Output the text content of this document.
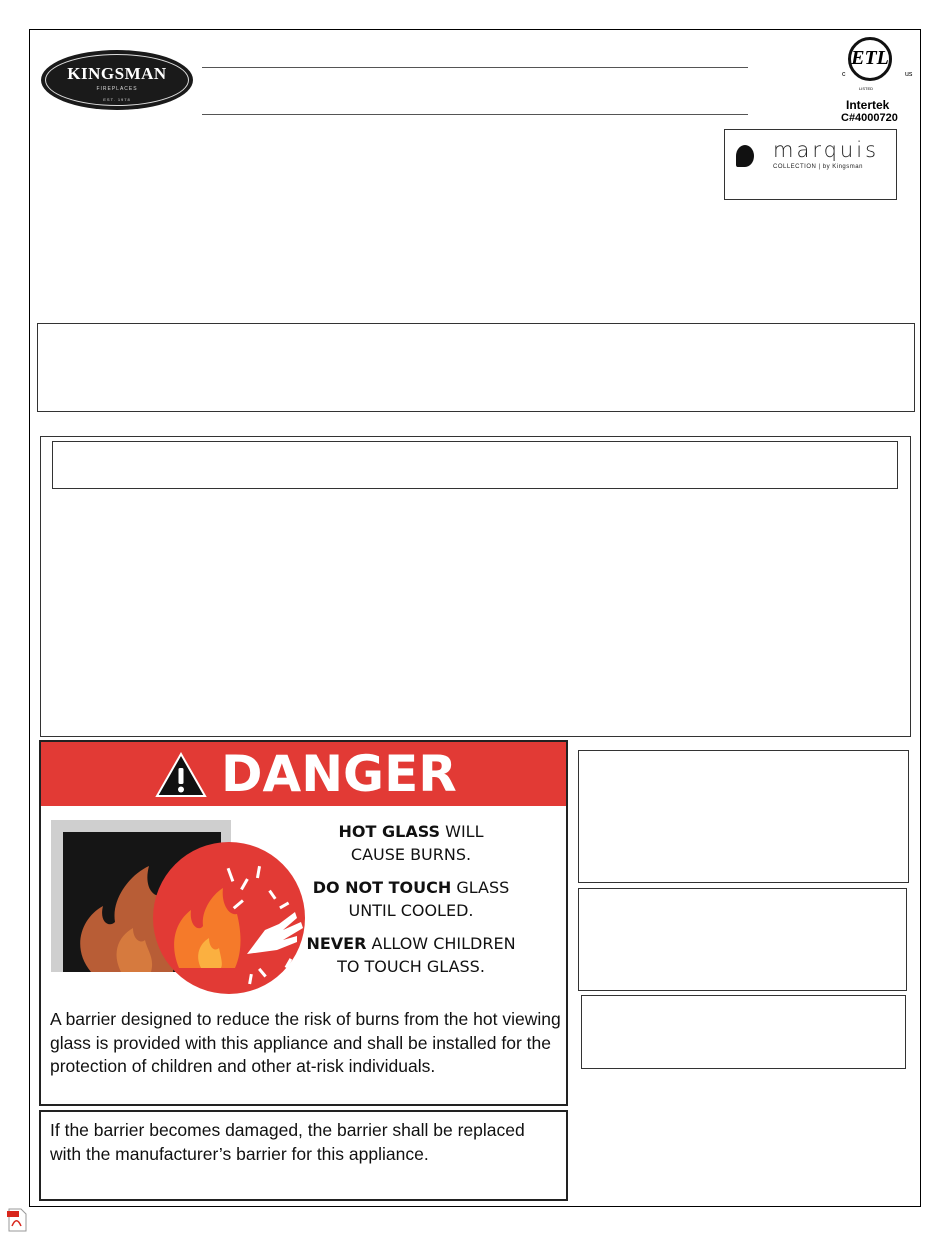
KINGSMAN
FIREPLACES
EST. 1978
ETL
c	us
LISTED
Intertek
C#4000720
marquis
COLLECTION | by Kingsman
DANGER
HOT GLASS WILL
CAUSE BURNS.
DO NOT TOUCH GLASS
UNTIL COOLED.
NEVER ALLOW CHILDREN
TO TOUCH GLASS.
A barrier designed to reduce the risk of burns from the hot viewing glass is provided with this appliance and shall be installed for the protection of children and other at-risk individuals.
If the barrier becomes damaged, the barrier shall be replaced with the manufacturer’s barrier for this appliance.
